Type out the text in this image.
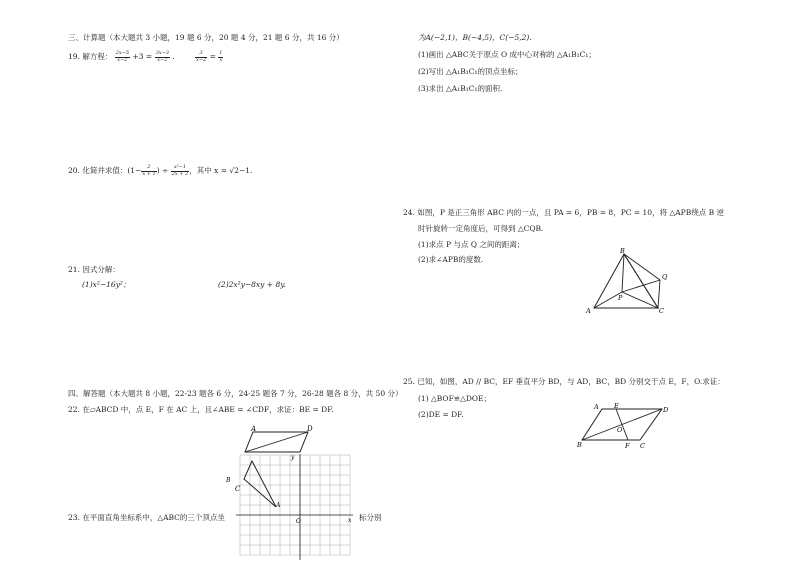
三、计算题（本大题共 3 小题，19 题 6 分，20 题 4 分，21 题 6 分，共 16 分）
19. 解方程： $\frac{2x-5}{x-2} +3 = \frac{3x-3}{x-2}$ .	$\frac{3}{x-2} = \frac{1}{x}$
20. 化简并求值：($1- \frac{2}{x + 1}$ ) ÷ $\frac{\text{x²−1}}{2x + 2}$ ，其中 x = √2−1.
21. 因式分解：
(1)x²−16y²；	(2)2x²y−8xy + 8y.
四、解答题（本大题共 8 小题，22-23 题各 6 分，24-25 题各 7 分，26-28 题各 8 分，共 50 分）
22. 在▱ABCD 中，点 E，F 在 AC 上，且∠ABE = ∠CDF，求证：BE = DF.
A	D
y
x
O
A
B
C
23. 在平面直角坐标系中，△ABC的三个顶点坐	标分别
为A(−2,1)，B(−4,5)，C(−5,2).
(1)画出 △ABC关于原点 O 成中心对称的 △A₁B₁C₁；
(2)写出 △A₁B₁C₁的顶点坐标；
(3)求出 △A₁B₁C₁的面积.
24. 如图，P 是正三角形 ABC 内的一点，且 PA = 6，PB = 8，PC = 10，将 △APB绕点 B 逆
时针旋转一定角度后，可得到 △CQB.
(1)求点 P 与点 Q 之间的距离；
(2)求∠APB的度数.
B
A	C
P
Q
25. 已知，如图，AD // BC，EF 垂直平分 BD，与 AD，BC，BD 分别交于点 E，F，O.求证：
(1) △BOF≌△DOE；
(2)DE = DF.
A E	D
O
B	F C
